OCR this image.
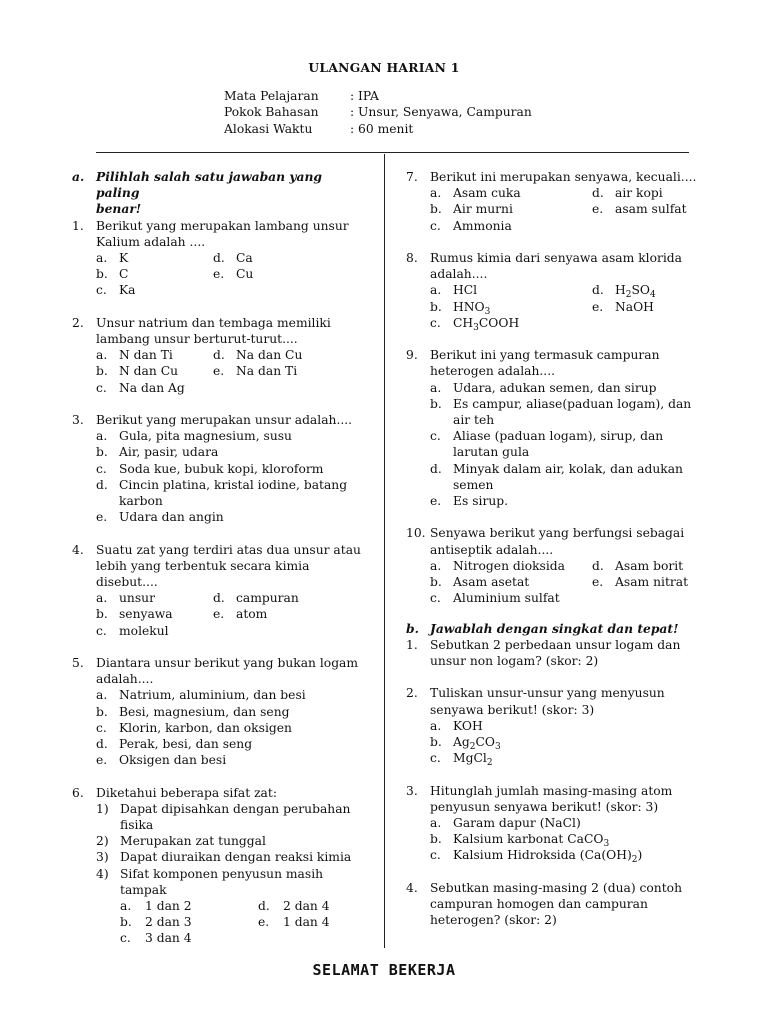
ULANGAN HARIAN 1
Mata Pelajaran	: IPA
Pokok Bahasan	: Unsur, Senyawa, Campuran
Alokasi Waktu	: 60 menit
a. Pilihlah salah satu jawaban yang paling
benar!
1. Berikut yang merupakan lambang unsur Kalium adalah ....
a. K	d. Ca
b. C	e. Cu
c. Ka
2. Unsur natrium dan tembaga memiliki lambang unsur berturut-turut....
a. N dan Ti	d. Na dan Cu
b. N dan Cu	e. Na dan Ti
c. Na dan Ag
3. Berikut yang merupakan unsur adalah....
a. Gula, pita magnesium, susu
b. Air, pasir, udara
c. Soda kue, bubuk kopi, kloroform
d. Cincin platina, kristal iodine, batang karbon
e. Udara dan angin
4. Suatu zat yang terdiri atas dua unsur atau lebih yang terbentuk secara kimia disebut....
a. unsur	d. campuran
b. senyawa	e. atom
c. molekul
5. Diantara unsur berikut yang bukan logam adalah....
a. Natrium, aluminium, dan besi
b. Besi, magnesium, dan seng
c. Klorin, karbon, dan oksigen
d. Perak, besi, dan seng
e. Oksigen dan besi
6. Diketahui beberapa sifat zat:
1) Dapat dipisahkan dengan perubahan fisika
2) Merupakan zat tunggal
3) Dapat diuraikan dengan reaksi kimia
4) Sifat komponen penyusun masih tampak
a.	1 dan 2	d.	2 dan 4
b.	2 dan 3	e.	1 dan 4
c.	3 dan 4
7. Berikut ini merupakan senyawa, kecuali....
a. Asam cuka	d. air kopi
b. Air murni	e. asam sulfat
c. Ammonia
8. Rumus kimia dari senyawa asam klorida adalah....
a. HCl	d. $H_2SO_4$
b. $HNO_3$	e. NaOH
c. $CH_3COOH$
9. Berikut ini yang termasuk campuran heterogen adalah....
a. Udara, adukan semen, dan sirup
b. Es campur, aliase(paduan logam), dan air teh
c. Aliase (paduan logam), sirup, dan larutan gula
d. Minyak dalam air, kolak, dan adukan semen
e. Es sirup.
10. Senyawa berikut yang berfungsi sebagai antiseptik adalah....
a. Nitrogen dioksida	d. Asam borit
b. Asam asetat	e. Asam nitrat
c. Aluminium sulfat
b. Jawablah dengan singkat dan tepat!
1. Sebutkan 2 perbedaan unsur logam dan unsur non logam? (skor: 2)
2. Tuliskan unsur-unsur yang menyusun senyawa berikut! (skor: 3)
a. KOH
b. $Ag_2CO_3$
c. MgCl$_2$
3. Hitunglah jumlah masing-masing atom penyusun senyawa berikut! (skor: 3)
a. Garam dapur (NaCl)
b. Kalsium karbonat CaCO$_3$
c. Kalsium Hidroksida $(Ca(OH)_2)$
4. Sebutkan masing-masing 2 (dua) contoh campuran homogen dan campuran heterogen? (skor: 2)
SELAMAT BEKERJA
